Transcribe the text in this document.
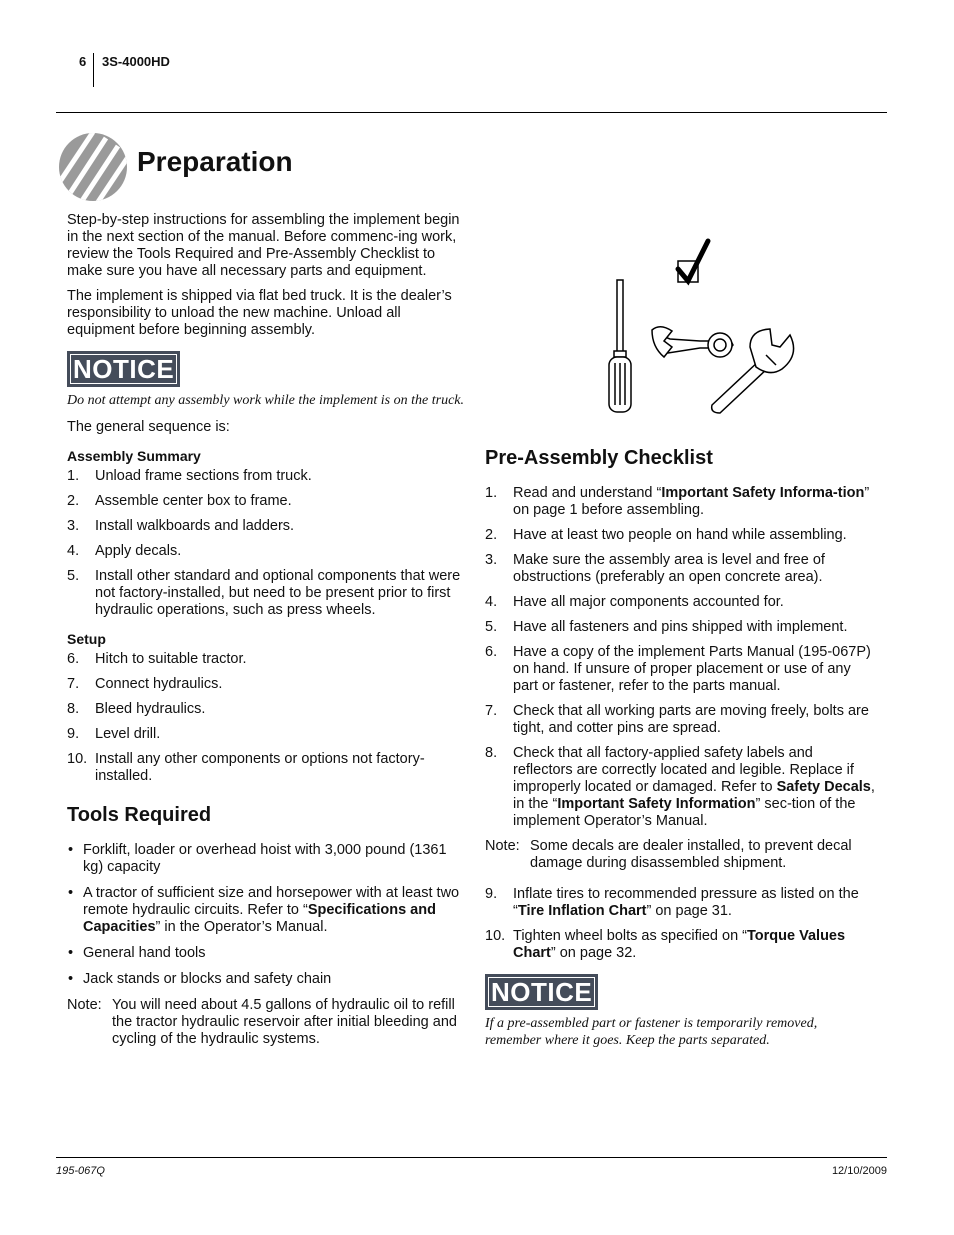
6 3S-4000HD
Preparation

Step-by-step instructions for assembling the implement begin in the next section of the manual. Before commenc-ing work, review the Tools Required and Pre-Assembly Checklist to make sure you have all necessary parts and equipment.

The implement is shipped via flat bed truck. It is the dealer’s responsibility to unload the new machine. Unload all equipment before beginning assembly.

NOTICE
Do not attempt any assembly work while the implement is on the truck.

The general sequence is:

Assembly Summary
1. Unload frame sections from truck.
2. Assemble center box to frame.
3. Install walkboards and ladders.
4. Apply decals.
5. Install other standard and optional components that were not factory-installed, but need to be present prior to first hydraulic operations, such as press wheels.
Setup
6. Hitch to suitable tractor.
7. Connect hydraulics.
8. Bleed hydraulics.
9. Level drill.
10. Install any other components or options not factory-installed.
Tools Required
• Forklift, loader or overhead hoist with 3,000 pound (1361 kg) capacity
• A tractor of sufficient size and horsepower with at least two remote hydraulic circuits. Refer to “Specifications and Capacities” in the Operator’s Manual.
• General hand tools
• Jack stands or blocks and safety chain
Note: You will need about 4.5 gallons of hydraulic oil to refill the tractor hydraulic reservoir after initial bleeding and cycling of the hydraulic systems.
Pre-Assembly Checklist
1. Read and understand “Important Safety Informa-tion” on page 1 before assembling.
2. Have at least two people on hand while assembling.
3. Make sure the assembly area is level and free of obstructions (preferably an open concrete area).
4. Have all major components accounted for.
5. Have all fasteners and pins shipped with implement.
6. Have a copy of the implement Parts Manual (195-067P) on hand. If unsure of proper placement or use of any part or fastener, refer to the parts manual.
7. Check that all working parts are moving freely, bolts are tight, and cotter pins are spread.
8. Check that all factory-applied safety labels and reflectors are correctly located and legible. Replace if improperly located or damaged. Refer to Safety Decals, in the “Important Safety Information” sec-tion of the implement Operator’s Manual.
Note: Some decals are dealer installed, to prevent decal damage during disassembled shipment.
9. Inflate tires to recommended pressure as listed on the “Tire Inflation Chart” on page 31.
10. Tighten wheel bolts as specified on “Torque Values Chart” on page 32.
NOTICE
If a pre-assembled part or fastener is temporarily removed, remember where it goes. Keep the parts separated.
195-067Q	12/10/2009
